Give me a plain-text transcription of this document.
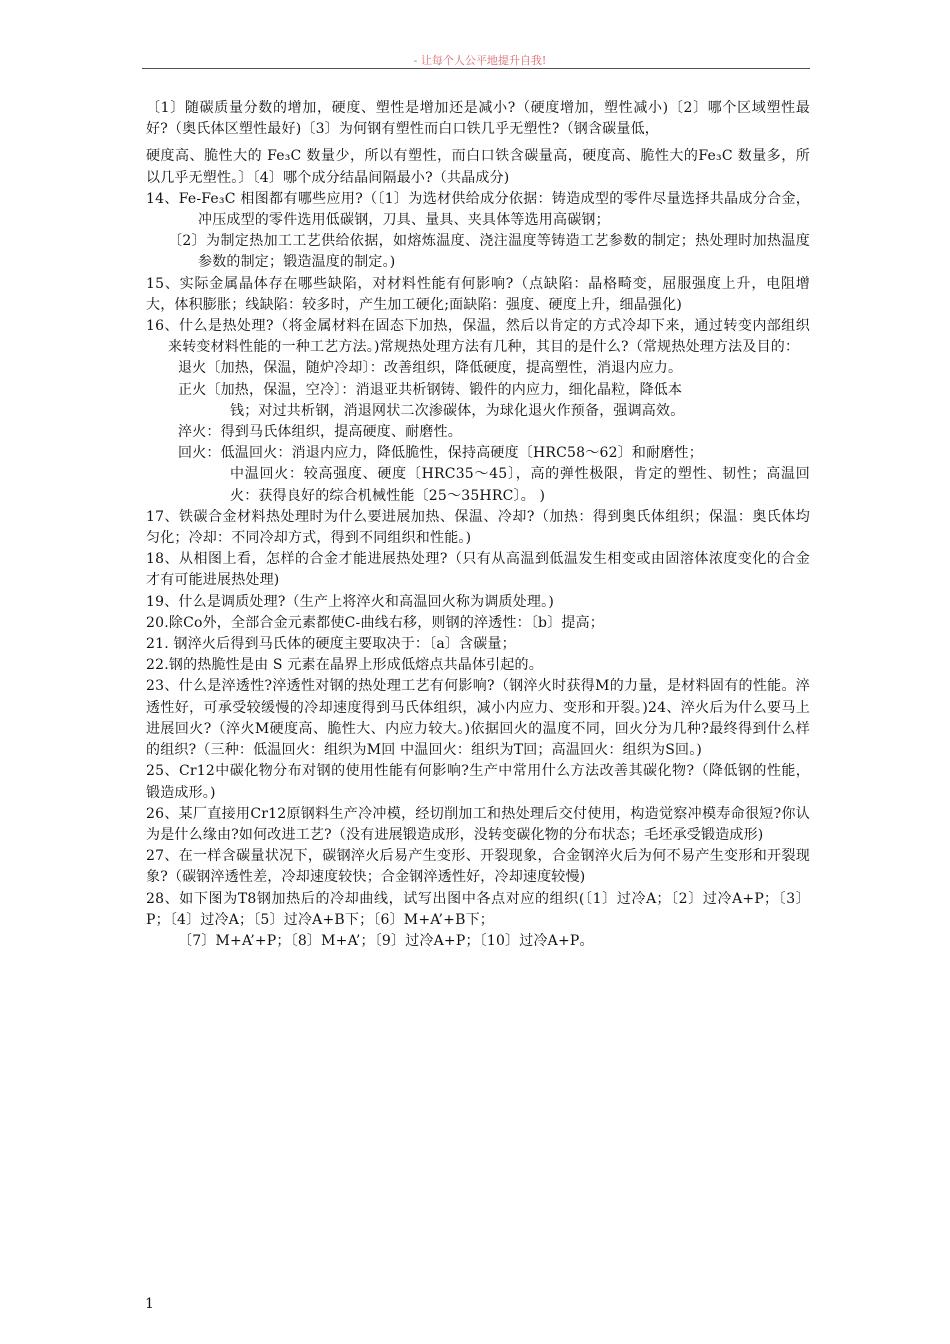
- 让每个人公平地提升自我!

〔1〕随碳质量分数的增加，硬度、塑性是增加还是减小?（硬度增加，塑性减小)〔2〕哪个区域塑性最好?（奥氏体区塑性最好)〔3〕为何钢有塑性而白口铁几乎无塑性?（钢含碳量低，

硬度高、脆性大的 Fe₃C 数量少，所以有塑性，而白口铁含碳量高，硬度高、脆性大的Fe₃C 数量多，所以几乎无塑性。〕〔4〕哪个成分结晶间隔最小?（共晶成分)

14、Fe-Fe₃C 相图都有哪些应用?（〔1〕为选材供给成分依据：铸造成型的零件尽量选择共晶成分合金，冲压成型的零件选用低碳钢，刀具、量具、夹具体等选用高碳钢；

〔2〕为制定热加工工艺供给依据，如熔炼温度、浇注温度等铸造工艺参数的制定；热处理时加热温度参数的制定；锻造温度的制定。)

15、实际金属晶体存在哪些缺陷，对材料性能有何影响?（点缺陷：晶格畸变，屈服强度上升，电阻增大，体积膨胀；线缺陷：较多时，产生加工硬化;面缺陷：强度、硬度上升，细晶强化)

16、什么是热处理?（将金属材料在固态下加热，保温，然后以肯定的方式冷却下来，通过转变内部组织来转变材料性能的一种工艺方法。)常规热处理方法有几种，其目的是什么?（常规热处理方法及目的：

退火〔加热，保温，随炉冷却〕：改善组织，降低硬度，提高塑性，消退内应力。

正火〔加热，保温，空冷〕：消退亚共析钢铸、锻件的内应力，细化晶粒，降低本

钱；对过共析钢，消退网状二次渗碳体，为球化退火作预备，强调高效。

淬火：得到马氏体组织，提高硬度、耐磨性。

回火：低温回火：消退内应力，降低脆性，保持高硬度〔HRC58～62〕和耐磨性；

中温回火：较高强度、硬度〔HRC35～45〕，高的弹性极限，肯定的塑性、韧性；高温回火：获得良好的综合机械性能〔25～35HRC〕。 )

17、铁碳合金材料热处理时为什么要进展加热、保温、冷却?（加热：得到奥氏体组织；保温：奥氏体均匀化；冷却：不同冷却方式，得到不同组织和性能。)

18、从相图上看，怎样的合金才能进展热处理?（只有从高温到低温发生相变或由固溶体浓度变化的合金才有可能进展热处理)

19、什么是调质处理?（生产上将淬火和高温回火称为调质处理。)

20.除Co外，全部合金元素都使C-曲线右移，则钢的淬透性：〔b〕提高；

21. 钢淬火后得到马氏体的硬度主要取决于：〔a〕含碳量；

22.钢的热脆性是由 S 元素在晶界上形成低熔点共晶体引起的。

23、什么是淬透性?淬透性对钢的热处理工艺有何影响?（钢淬火时获得M的力量，是材料固有的性能。淬透性好，可承受较缓慢的冷却速度得到马氏体组织，减小内应力、变形和开裂。)24、淬火后为什么要马上进展回火?（淬火M硬度高、脆性大、内应力较大。)依据回火的温度不同，回火分为几种?最终得到什么样的组织?（三种：低温回火：组织为M回 中温回火：组织为T回；高温回火：组织为S回。)

25、Cr12中碳化物分布对钢的使用性能有何影响?生产中常用什么方法改善其碳化物?（降低钢的性能，锻造成形。)

26、某厂直接用Cr12原钢料生产冷冲模，经切削加工和热处理后交付使用，构造觉察冲模寿命很短?你认为是什么缘由?如何改进工艺?（没有进展锻造成形，没转变碳化物的分布状态；毛坯承受锻造成形)

27、在一样含碳量状况下，碳钢淬火后易产生变形、开裂现象，合金钢淬火后为何不易产生变形和开裂现象?（碳钢淬透性差，冷却速度较快；合金钢淬透性好，冷却速度较慢)

28、如下图为T8钢加热后的冷却曲线，试写出图中各点对应的组织(〔1〕过冷A；〔2〕过冷A+P；〔3〕P；〔4〕过冷A；〔5〕过冷A+B下；〔6〕M+A’+B下；

〔7〕M+A’+P；〔8〕M+A’；〔9〕过冷A+P；〔10〕过冷A+P。

1
